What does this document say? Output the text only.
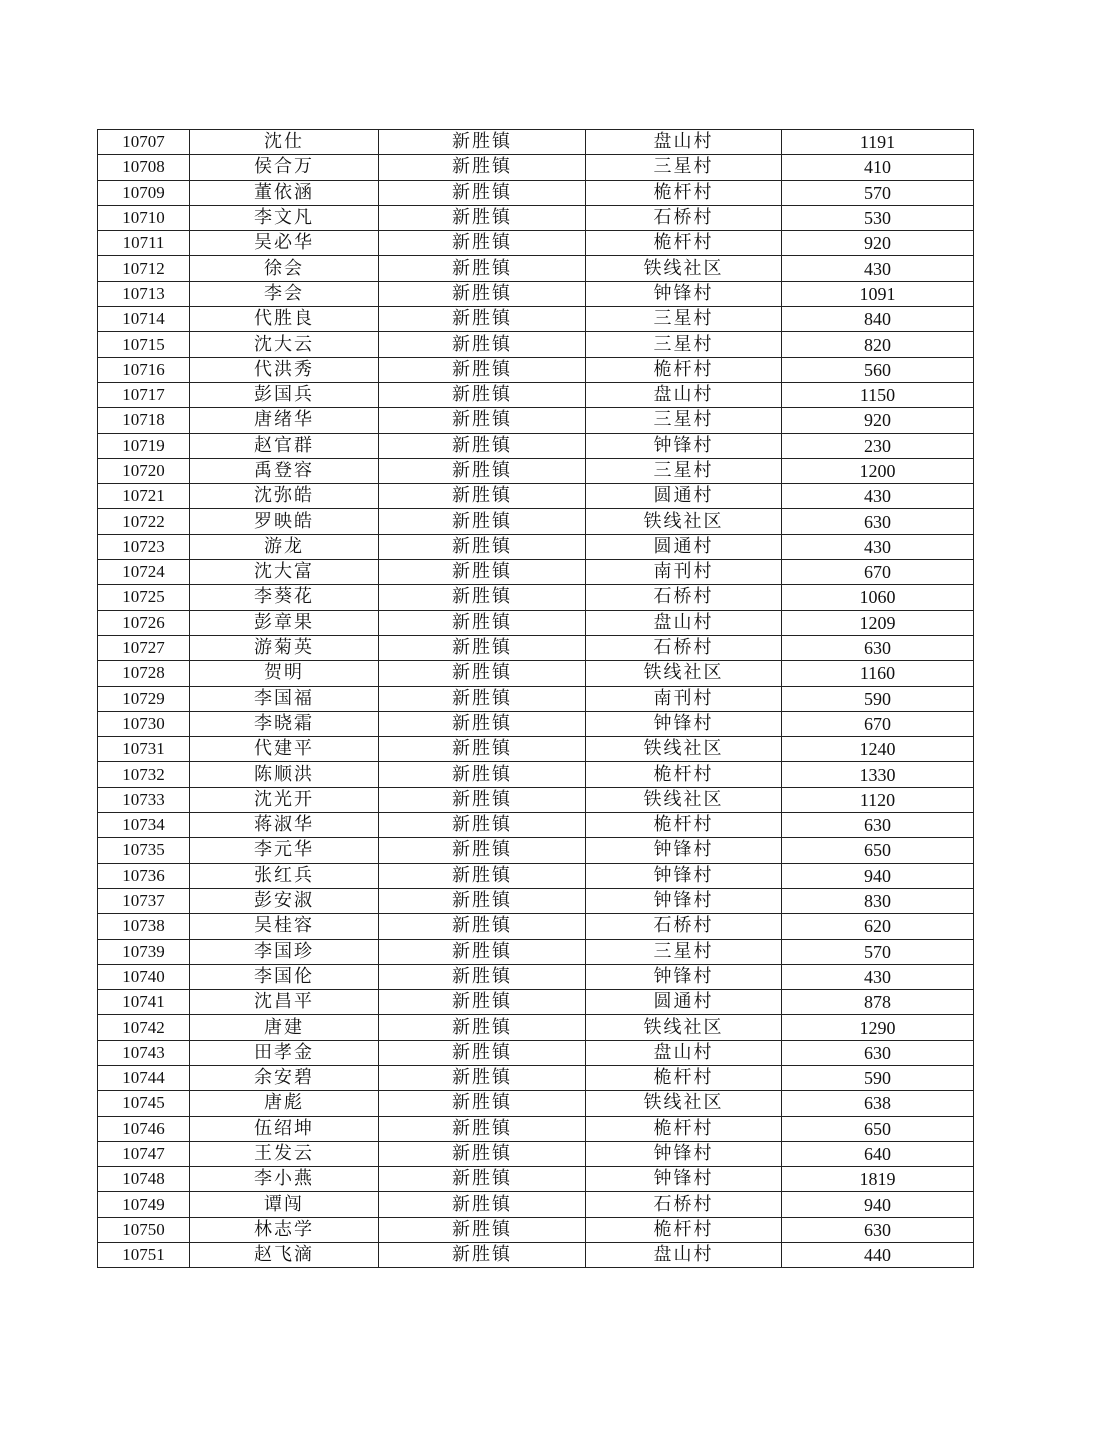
10707	沈仕	新胜镇	盘山村	1191
10708	侯合万	新胜镇	三星村	410
10709	董依涵	新胜镇	桅杆村	570
10710	李文凡	新胜镇	石桥村	530
10711	吴必华	新胜镇	桅杆村	920
10712	徐会	新胜镇	铁线社区	430
10713	李会	新胜镇	钟锋村	1091
10714	代胜良	新胜镇	三星村	840
10715	沈大云	新胜镇	三星村	820
10716	代洪秀	新胜镇	桅杆村	560
10717	彭国兵	新胜镇	盘山村	1150
10718	唐绪华	新胜镇	三星村	920
10719	赵官群	新胜镇	钟锋村	230
10720	禹登容	新胜镇	三星村	1200
10721	沈弥皓	新胜镇	圆通村	430
10722	罗映皓	新胜镇	铁线社区	630
10723	游龙	新胜镇	圆通村	430
10724	沈大富	新胜镇	南刊村	670
10725	李葵花	新胜镇	石桥村	1060
10726	彭章果	新胜镇	盘山村	1209
10727	游菊英	新胜镇	石桥村	630
10728	贺明	新胜镇	铁线社区	1160
10729	李国福	新胜镇	南刊村	590
10730	李晓霜	新胜镇	钟锋村	670
10731	代建平	新胜镇	铁线社区	1240
10732	陈顺洪	新胜镇	桅杆村	1330
10733	沈光开	新胜镇	铁线社区	1120
10734	蒋淑华	新胜镇	桅杆村	630
10735	李元华	新胜镇	钟锋村	650
10736	张红兵	新胜镇	钟锋村	940
10737	彭安淑	新胜镇	钟锋村	830
10738	吴桂容	新胜镇	石桥村	620
10739	李国珍	新胜镇	三星村	570
10740	李国伦	新胜镇	钟锋村	430
10741	沈昌平	新胜镇	圆通村	878
10742	唐建	新胜镇	铁线社区	1290
10743	田孝金	新胜镇	盘山村	630
10744	余安碧	新胜镇	桅杆村	590
10745	唐彪	新胜镇	铁线社区	638
10746	伍绍坤	新胜镇	桅杆村	650
10747	王发云	新胜镇	钟锋村	640
10748	李小燕	新胜镇	钟锋村	1819
10749	谭闯	新胜镇	石桥村	940
10750	林志学	新胜镇	桅杆村	630
10751	赵飞滴	新胜镇	盘山村	440
